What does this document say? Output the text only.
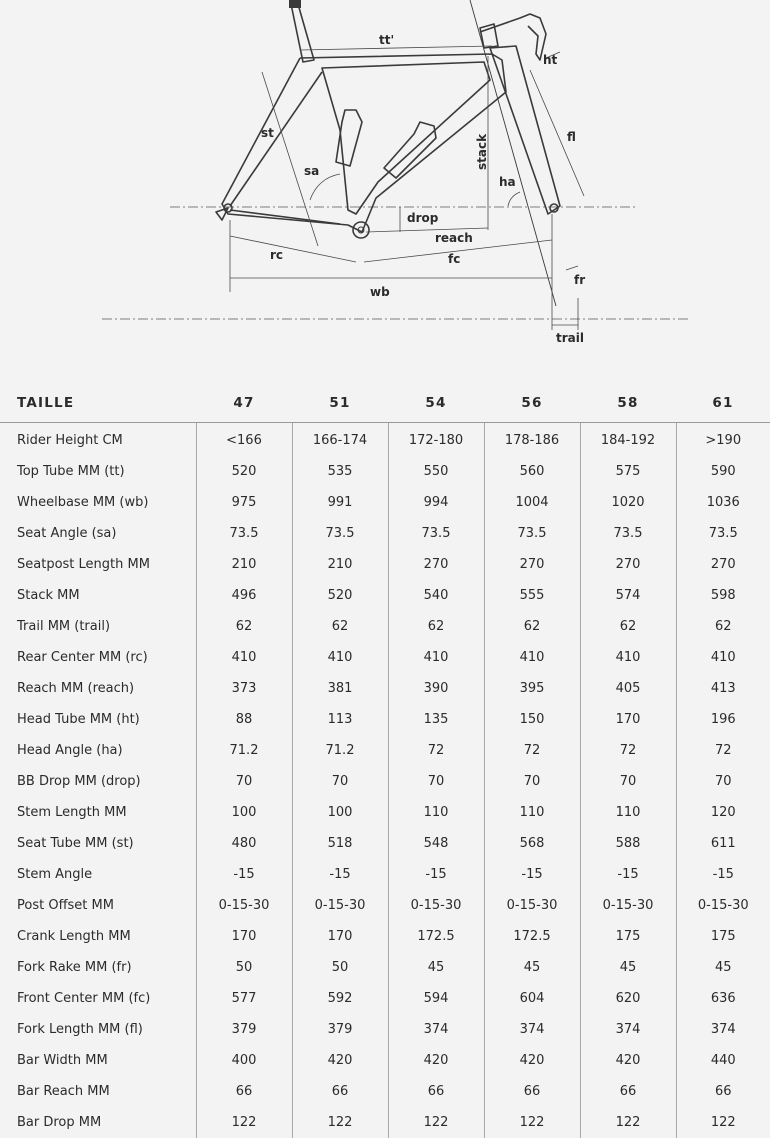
tt'
ht
st	fl
stack
sa
ha
drop
reach
rc	fc
fr
wb
trail
TAILLE	47	51	54	56	58	61
Rider Height CM	<166	166-174	172-180	178-186	184-192	>190
Top Tube MM (tt)	520	535	550	560	575	590
Wheelbase MM (wb)	975	991	994	1004	1020	1036
Seat Angle (sa)	73.5	73.5	73.5	73.5	73.5	73.5
Seatpost Length MM	210	210	270	270	270	270
Stack MM	496	520	540	555	574	598
Trail MM (trail)	62	62	62	62	62	62
Rear Center MM (rc)	410	410	410	410	410	410
Reach MM (reach)	373	381	390	395	405	413
Head Tube MM (ht)	88	113	135	150	170	196
Head Angle (ha)	71.2	71.2	72	72	72	72
BB Drop MM (drop)	70	70	70	70	70	70
Stem Length MM	100	100	110	110	110	120
Seat Tube MM (st)	480	518	548	568	588	611
Stem Angle	-15	-15	-15	-15	-15	-15
Post Offset MM	0-15-30	0-15-30	0-15-30	0-15-30	0-15-30	0-15-30
Crank Length MM	170	170	172.5	172.5	175	175
Fork Rake MM (fr)	50	50	45	45	45	45
Front Center MM (fc)	577	592	594	604	620	636
Fork Length MM (fl)	379	379	374	374	374	374
Bar Width MM	400	420	420	420	420	440
Bar Reach MM	66	66	66	66	66	66
Bar Drop MM	122	122	122	122	122	122
